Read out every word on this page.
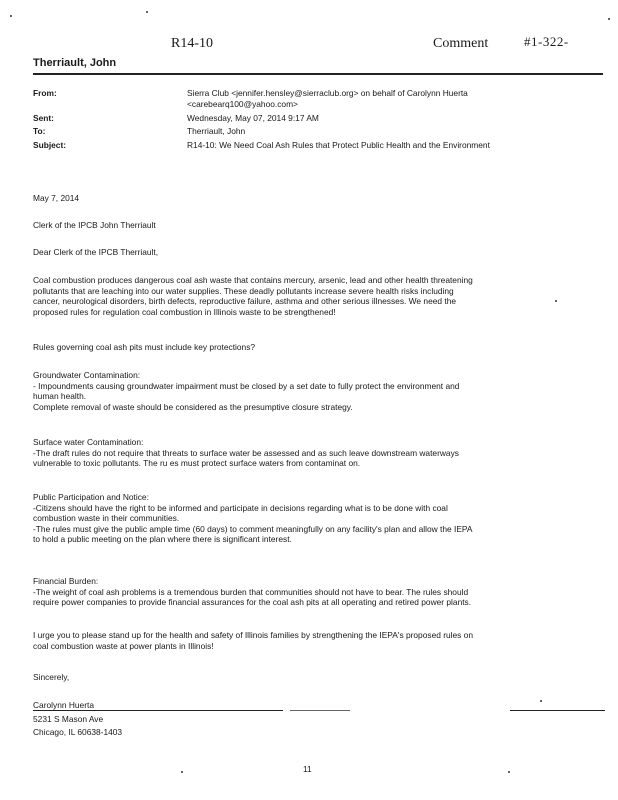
R14-10	Comment	#1-322-
Therriault, John
From:	Sierra Club <jennifer.hensley@sierraclub.org> on behalf of Carolynn Huerta
<carebearq100@yahoo.com>
Sent:	Wednesday, May 07, 2014 9:17 AM
To:	Therriault, John
Subject:	R14-10: We Need Coal Ash Rules that Protect Public Health and the Environment
May 7, 2014
Clerk of the IPCB John Therriault
Dear Clerk of the IPCB Therriault,
Coal combustion produces dangerous coal ash waste that contains mercury, arsenic, lead and other health threatening
pollutants that are leaching into our water supplies. These deadly pollutants increase severe health risks including
cancer, neurological disorders, birth defects, reproductive failure, asthma and other serious illnesses. We need the
proposed rules for regulation coal combustion in Illinois waste to be strengthened!
Rules governing coal ash pits must include key protections?
Groundwater Contamination:
- Impoundments causing groundwater impairment must be closed by a set date to fully protect the environment and
human health.
Complete removal of waste should be considered as the presumptive closure strategy.
Surface water Contamination:
-The draft rules do not require that threats to surface water be assessed and as such leave downstream waterways
vulnerable to toxic pollutants. The ru es must protect surface waters from contaminat on.
Public Participation and Notice:
-Citizens should have the right to be informed and participate in decisions regarding what is to be done with coal
combustion waste in their communities.
-The rules must give the public ample time (60 days) to comment meaningfully on any facility's plan and allow the IEPA
to hold a public meeting on the plan where there is significant interest.
Financial Burden:
-The weight of coal ash problems is a tremendous burden that communities should not have to bear. The rules should
require power companies to provide financial assurances for the coal ash pits at all operating and retired power plants.
I urge you to please stand up for the health and safety of Illinois families by strengthening the IEPA's proposed rules on
coal combustion waste at power plants in Illinois!
Sincerely,
Carolynn Huerta
5231 S Mason Ave
Chicago, IL 60638-1403
11
